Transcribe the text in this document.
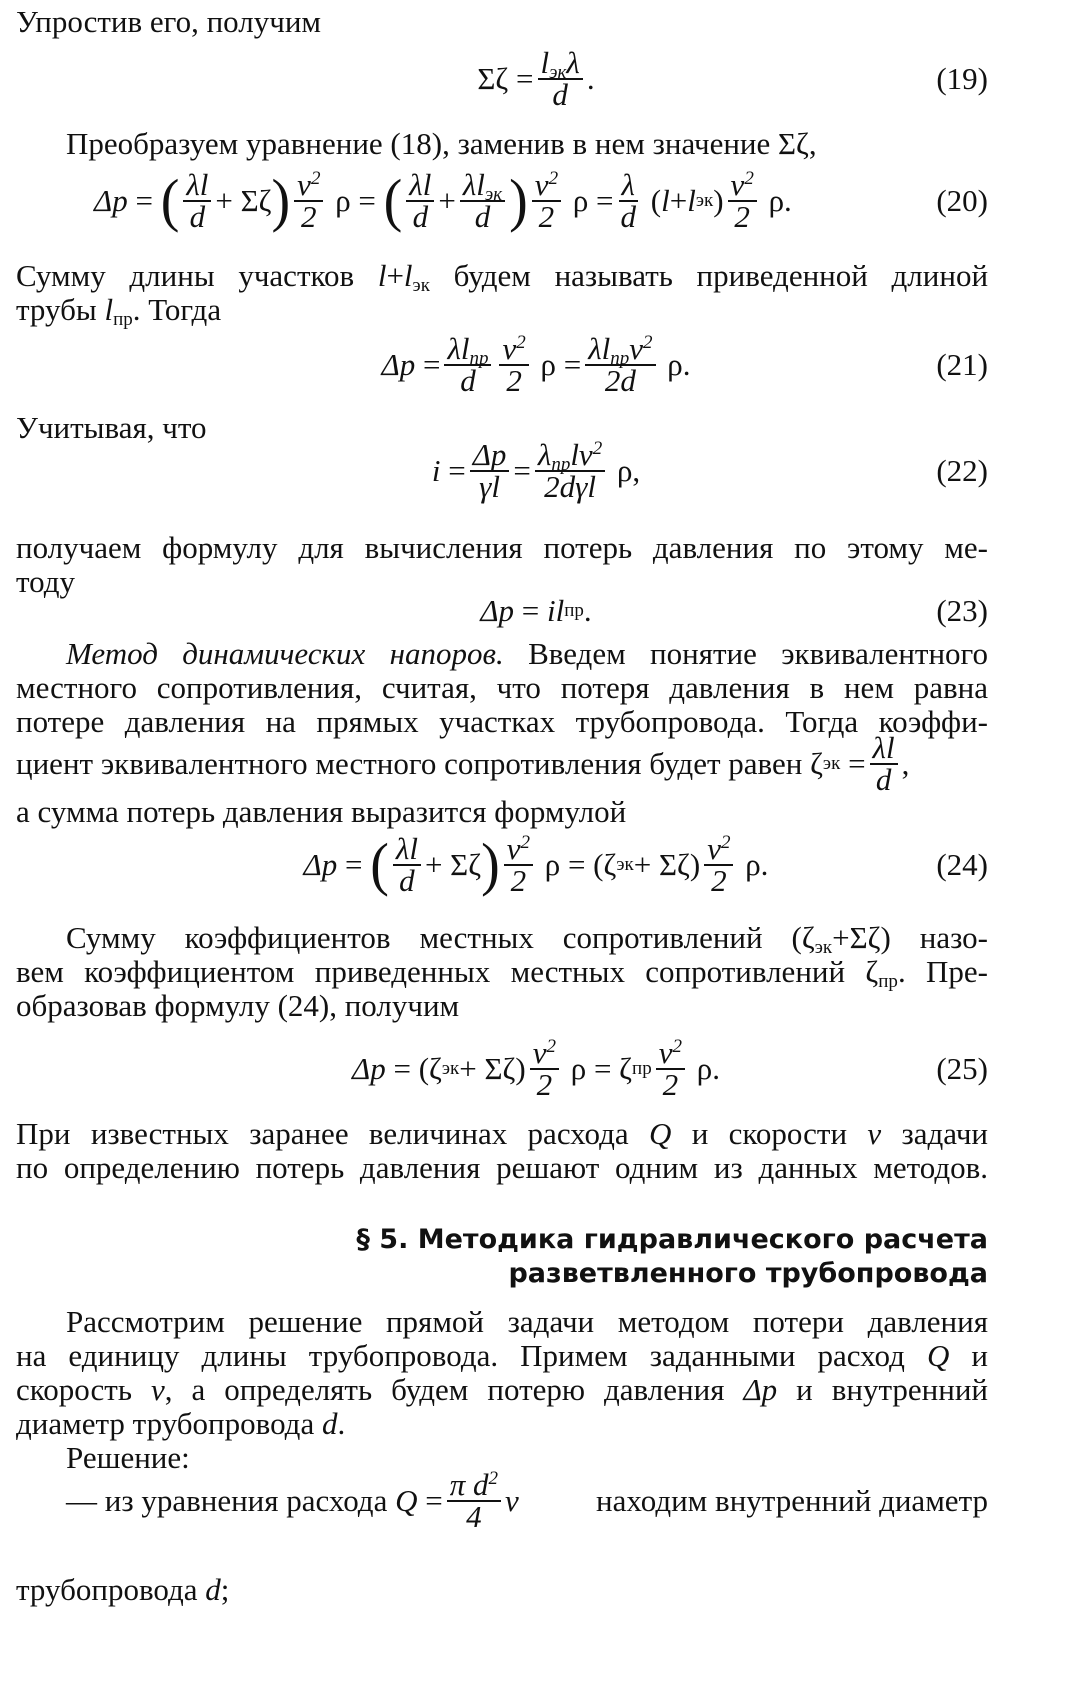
Упростив его, получим
$\Sigma\zeta = \frac{l_{эк}\lambda}{d}$ .	(19)
Преобразуем уравнение (18), заменив в нем значение Σζ,
Δp = ( $\frac{\lambda l}{d} + \Sigma\zeta$ ) $\frac{v^2}{2}$ ρ = ( $\frac{\lambda l}{d} + \frac{\lambda l_{эк}}{d}$ ) $\frac{v^2}{2}$ $\rho = \frac{\lambda}{d}$ ( l + l эк ) $\frac{v^2}{2} \rho$.	(20)
Сумму длины участков $l+l_{эк}$ будем называть приведенной длиной
трубы $l_{пр}$. Тогда
$\Delta p = \frac{\lambda l_{пр}}{d} \frac{v^2}{2}$ $\rho = \frac{\lambda l_{пр}v^2}{2d} \rho$.	(21)
Учитывая, что
$i = \frac{\Delta p}{\gamma l} = \frac{\lambda_{пр}lv^2}{\text{2dγl}} \rho$,	(22)
получаем формулу для вычисления потерь давления по этому ме-
тоду
Δp = il пр .	(23)
Метод динамических напоров. Введем понятие эквивалентного
местного сопротивления, считая, что потеря давления в нем равна
потере давления на прямых участках трубопровода. Тогда коэффи-
циент эквивалентного местного сопротивления будет равен ζ эк = $\frac{\lambda l}{d}$ ,
а сумма потерь давления выразится формулой
Δp = ( $\frac{\lambda l}{d} + \Sigma\zeta$ ) $\frac{v^2}{2}$ ρ = (ζ эк + $\Sigma\zeta) \frac{v^2}{2} \rho$.	(24)
Сумму коэффициентов местных сопротивлений $(\zeta_{эк}+\Sigma\zeta)$ назо-
вем коэффициентом приведенных местных сопротивлений $\zeta_{пр}$. Пре-
образовав формулу (24), получим
Δp = (ζ эк + $\Sigma\zeta) \frac{v^2}{2}$ ρ = ζ пр $\frac{v^2}{2} \rho$.	(25)
При известных заранее величинах расхода Q и скорости v задачи
по определению потерь давления решают одним из данных методов.
§ 5. Методика гидравлического расчета
разветвленного трубопровода
Рассмотрим решение прямой задачи методом потери давления
на единицу длины трубопровода. Примем заданными расход Q и
скорость v, а определять будем потерю давления Δp и внутренний
диаметр трубопровода d.
Решение:
— из уравнения расхода
$Q = \frac{\pi d^2}{4}$ v находим внутренний диаметр
трубопровода d;
